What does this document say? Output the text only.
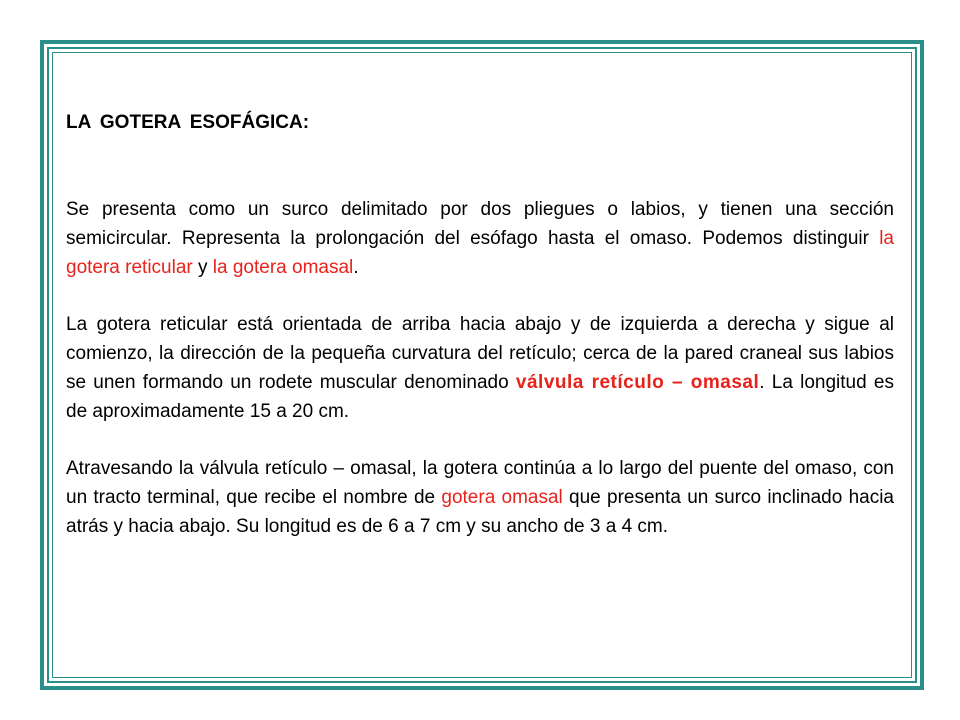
LA GOTERA ESOFÁGICA:

Se presenta como un surco delimitado por dos pliegues o labios, y tienen una sección semicircular. Representa la prolongación del esófago hasta el omaso. Podemos distinguir la gotera reticular y la gotera omasal.

La gotera reticular está orientada de arriba hacia abajo y de izquierda a derecha y sigue al comienzo, la dirección de la pequeña curvatura del retículo; cerca de la pared craneal sus labios se unen formando un rodete muscular denominado válvula retículo – omasal. La longitud es de aproximadamente 15 a 20 cm.

Atravesando la válvula retículo – omasal, la gotera continúa a lo largo del puente del omaso, con un tracto terminal, que recibe el nombre de gotera omasal que presenta un surco inclinado hacia atrás y hacia abajo. Su longitud es de 6 a 7 cm y su ancho de 3 a 4 cm.
